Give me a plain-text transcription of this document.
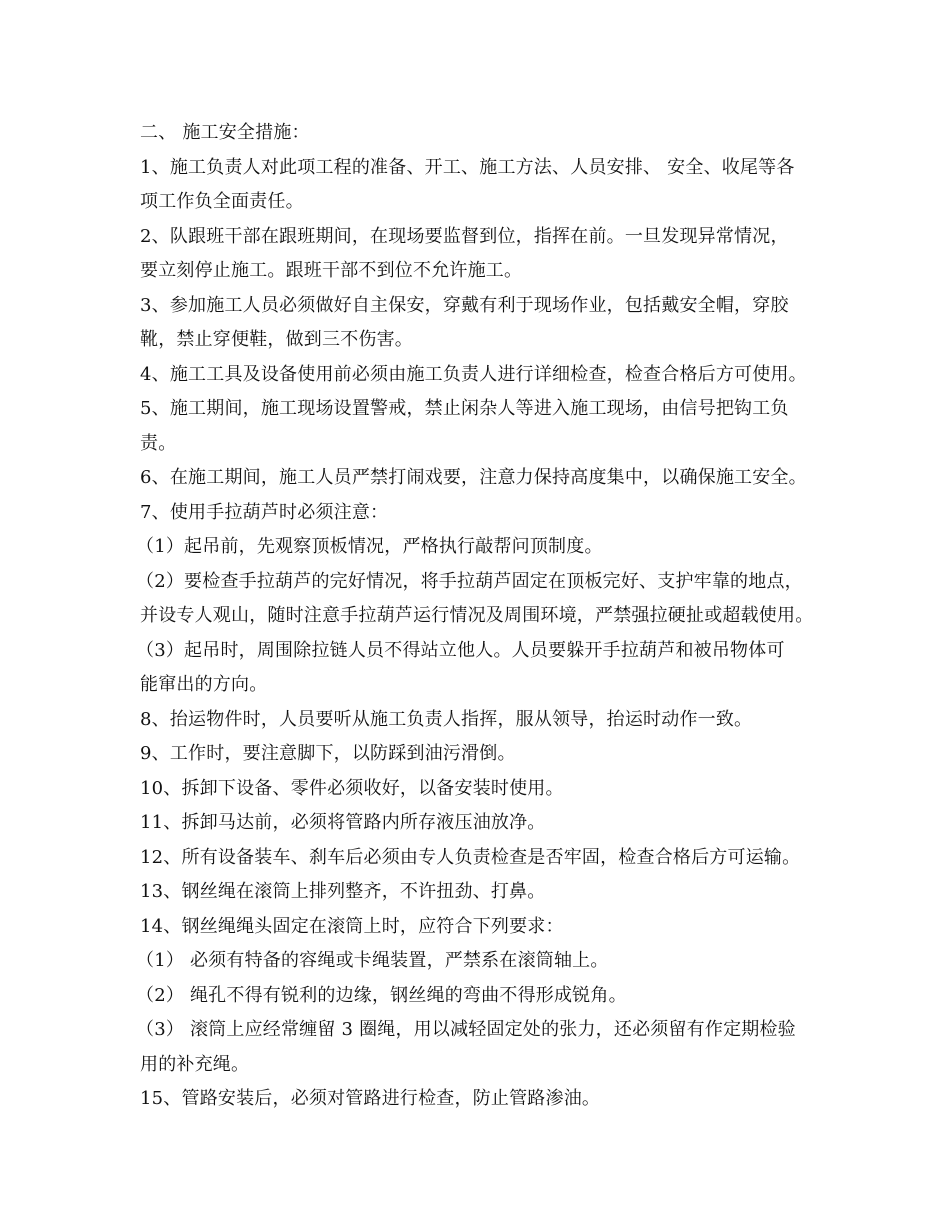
二、 施工安全措施：
1、施工负责人对此项工程的准备、开工、施工方法、人员安排、 安全、收尾等各
项工作负全面责任。
2、队跟班干部在跟班期间，在现场要监督到位，指挥在前。一旦发现异常情况，
要立刻停止施工。跟班干部不到位不允许施工。
3、参加施工人员必须做好自主保安，穿戴有利于现场作业，包括戴安全帽，穿胶
靴，禁止穿便鞋，做到三不伤害。
4、施工工具及设备使用前必须由施工负责人进行详细检查，检查合格后方可使用。
5、施工期间，施工现场设置警戒，禁止闲杂人等进入施工现场，由信号把钩工负
责。
6、在施工期间，施工人员严禁打闹戏要，注意力保持高度集中，以确保施工安全。
7、使用手拉葫芦时必须注意：
（1）起吊前，先观察顶板情况，严格执行敲帮问顶制度。
（2）要检查手拉葫芦的完好情况，将手拉葫芦固定在顶板完好、支护牢靠的地点，
并设专人观山，随时注意手拉葫芦运行情况及周围环境，严禁强拉硬扯或超载使用。
（3）起吊时，周围除拉链人员不得站立他人。人员要躲开手拉葫芦和被吊物体可
能窜出的方向。
8、抬运物件时，人员要听从施工负责人指挥，服从领导，抬运时动作一致。
9、工作时，要注意脚下，以防踩到油污滑倒。
10、拆卸下设备、零件必须收好，以备安装时使用。
11、拆卸马达前，必须将管路内所存液压油放净。
12、所有设备装车、刹车后必须由专人负责检查是否牢固，检查合格后方可运输。
13、钢丝绳在滚筒上排列整齐，不许扭劲、打鼻。
14、钢丝绳绳头固定在滚筒上时，应符合下列要求：
（1） 必须有特备的容绳或卡绳装置，严禁系在滚筒轴上。
（2） 绳孔不得有锐利的边缘，钢丝绳的弯曲不得形成锐角。
（3） 滚筒上应经常缠留 3 圈绳，用以减轻固定处的张力，还必须留有作定期检验
用的补充绳。
15、管路安装后，必须对管路进行检查，防止管路渗油。
